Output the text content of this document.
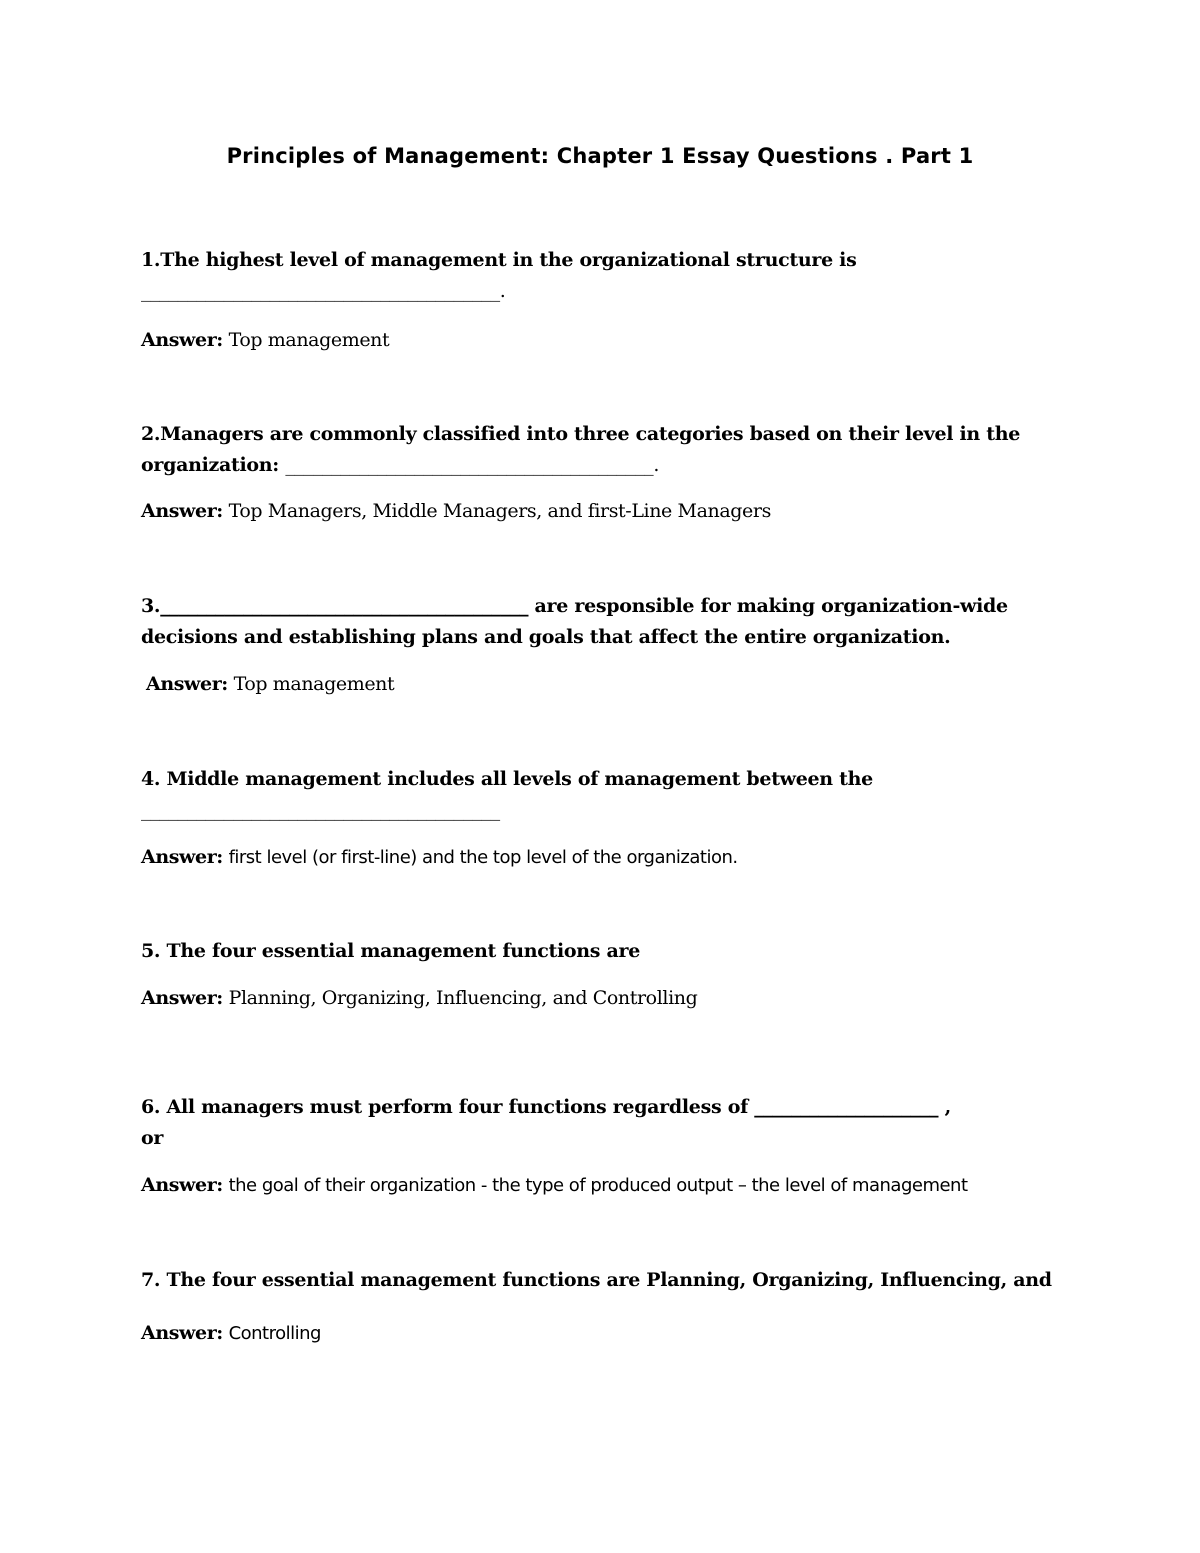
Principles of Management: Chapter 1 Essay Questions . Part 1
1.The highest level of management in the organizational structure is
_______________________________________.
Answer: Top management
2.Managers are commonly classified into three categories based on their level in the
organization: ________________________________________.
Answer: Top Managers, Middle Managers, and first-Line Managers
3.________________________________________ are responsible for making organization-wide
decisions and establishing plans and goals that affect the entire organization.
Answer: Top management
4. Middle management includes all levels of management between the
_______________________________________
Answer: first level (or first-line) and the top level of the organization.
5. The four essential management functions are
Answer: Planning, Organizing, Influencing, and Controlling
6. All managers must perform four functions regardless of ____________________ ,
or
Answer: the goal of their organization - the type of produced output – the level of management
7. The four essential management functions are Planning, Organizing, Influencing, and
Answer: Controlling
